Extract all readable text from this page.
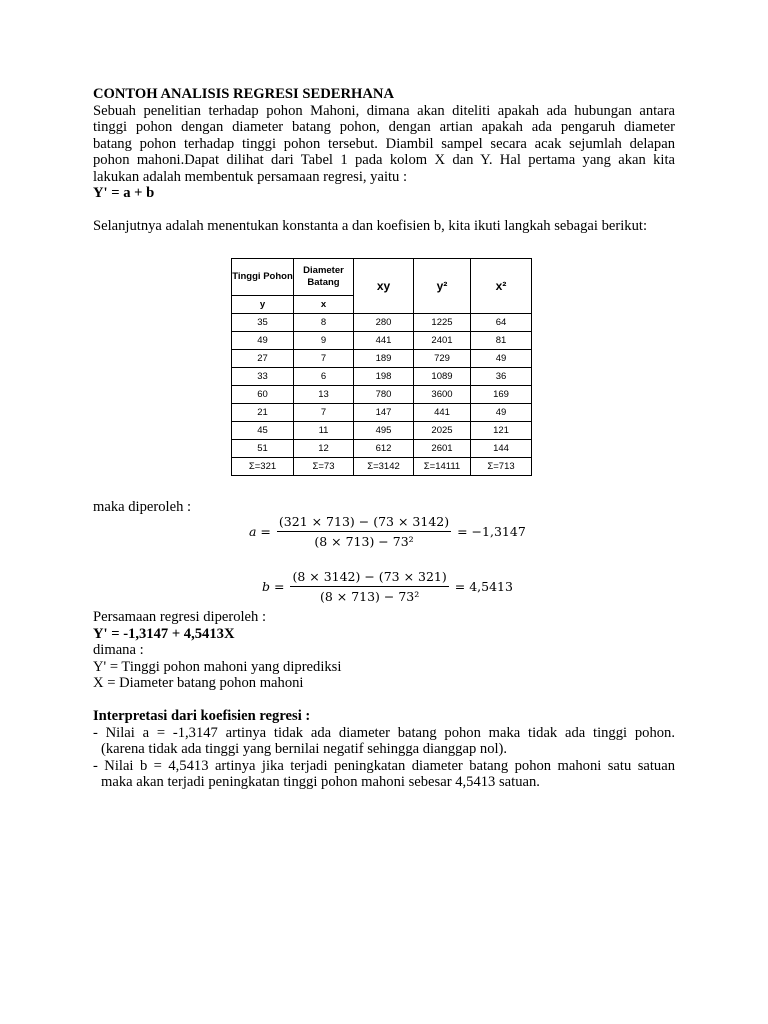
CONTOH ANALISIS REGRESI SEDERHANA

Sebuah penelitian terhadap pohon Mahoni, dimana akan diteliti apakah ada hubungan antara

tinggi pohon dengan diameter batang pohon, dengan artian apakah ada pengaruh diameter

batang pohon terhadap tinggi pohon tersebut. Diambil sampel secara acak sejumlah delapan

pohon mahoni.Dapat dilihat dari Tabel 1 pada kolom X dan Y. Hal pertama yang akan kita

lakukan adalah membentuk persamaan regresi, yaitu :

Y' = a + b

Selanjutnya adalah menentukan konstanta a dan koefisien b, kita ikuti langkah sebagai berikut:

Tinggi Pohon	Diameter Batang	xy	y²	x²
y	x			
35	8	280	1225	64
49	9	441	2401	81
27	7	189	729	49
33	6	198	1089	36
60	13	780	3600	169
21	7	147	441	49
45	11	495	2025	121
51	12	612	2601	144
Σ=321	Σ=73	Σ=3142	Σ=14111	Σ=713
maka diperoleh :
$a = \frac{(321 \times 713) - (73 \times 3142)}{\text{(8 × 713) − 73²}} = -1,3147$
$b = \frac{(8 \times 3142) - (73 \times 321)}{\text{(8 × 713) − 73²}} = 4,5413$

Persamaan regresi diperoleh :

Y' = -1,3147 + 4,5413X

dimana :

Y' = Tinggi pohon mahoni yang diprediksi

X = Diameter batang pohon mahoni

Interpretasi dari koefisien regresi :

- Nilai a = -1,3147 artinya tidak ada diameter batang pohon maka tidak ada tinggi pohon.

(karena tidak ada tinggi yang bernilai negatif sehingga dianggap nol).

- Nilai b = 4,5413 artinya jika terjadi peningkatan diameter batang pohon mahoni satu satuan

maka akan terjadi peningkatan tinggi pohon mahoni sebesar 4,5413 satuan.
